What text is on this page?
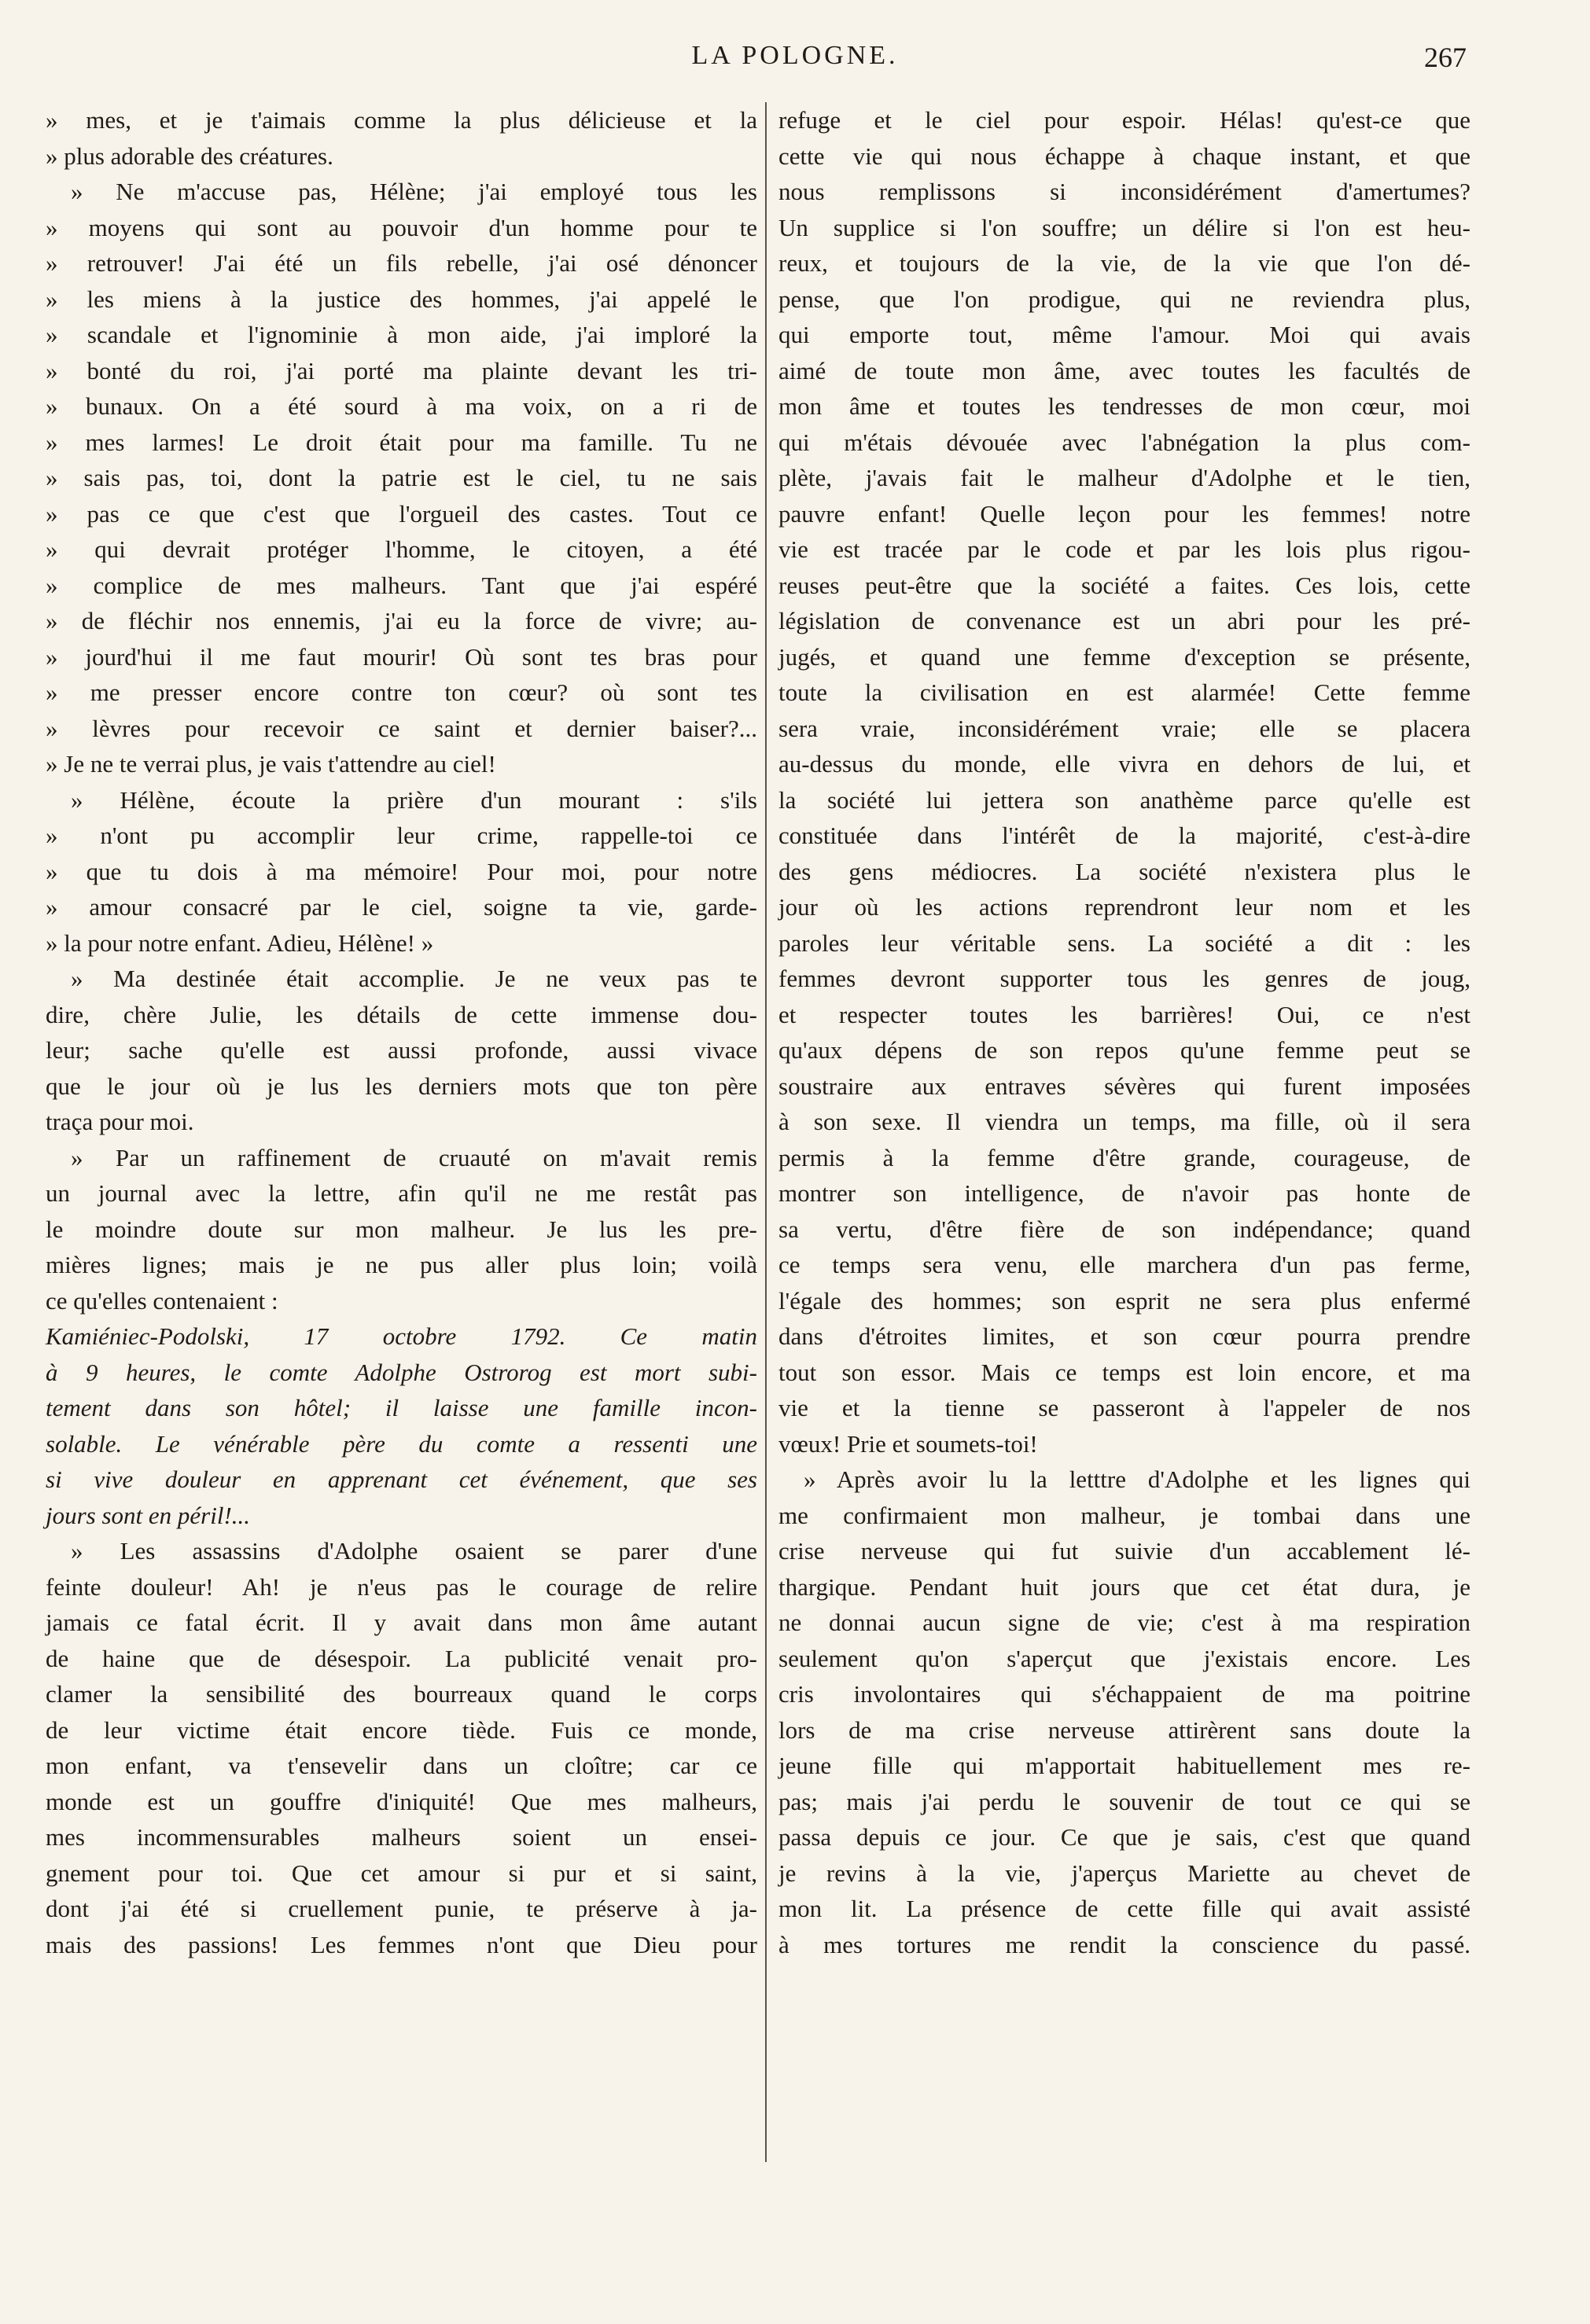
LA POLOGNE.	267
» mes, et je t'aimais comme la plus délicieuse et la
» plus adorable des créatures.
» Ne m'accuse pas, Hélène; j'ai employé tous les
» moyens qui sont au pouvoir d'un homme pour te
» retrouver! J'ai été un fils rebelle, j'ai osé dénoncer
» les miens à la justice des hommes, j'ai appelé le
» scandale et l'ignominie à mon aide, j'ai imploré la
» bonté du roi, j'ai porté ma plainte devant les tri-
» bunaux. On a été sourd à ma voix, on a ri de
» mes larmes! Le droit était pour ma famille. Tu ne
» sais pas, toi, dont la patrie est le ciel, tu ne sais
» pas ce que c'est que l'orgueil des castes. Tout ce
» qui devrait protéger l'homme, le citoyen, a été
» complice de mes malheurs. Tant que j'ai espéré
» de fléchir nos ennemis, j'ai eu la force de vivre; au-
» jourd'hui il me faut mourir! Où sont tes bras pour
» me presser encore contre ton cœur? où sont tes
» lèvres pour recevoir ce saint et dernier baiser?...
» Je ne te verrai plus, je vais t'attendre au ciel!
» Hélène, écoute la prière d'un mourant : s'ils
» n'ont pu accomplir leur crime, rappelle-toi ce
» que tu dois à ma mémoire! Pour moi, pour notre
» amour consacré par le ciel, soigne ta vie, garde-
» la pour notre enfant. Adieu, Hélène! »
» Ma destinée était accomplie. Je ne veux pas te
dire, chère Julie, les détails de cette immense dou-
leur; sache qu'elle est aussi profonde, aussi vivace
que le jour où je lus les derniers mots que ton père
traça pour moi.
» Par un raffinement de cruauté on m'avait remis
un journal avec la lettre, afin qu'il ne me restât pas
le moindre doute sur mon malheur. Je lus les pre-
mières lignes; mais je ne pus aller plus loin; voilà
ce qu'elles contenaient :
Kamiéniec-Podolski, 17 octobre 1792. Ce matin
à 9 heures, le comte Adolphe Ostrorog est mort subi-
tement dans son hôtel; il laisse une famille incon-
solable. Le vénérable père du comte a ressenti une
si vive douleur en apprenant cet événement, que ses
jours sont en péril!...
» Les assassins d'Adolphe osaient se parer d'une
feinte douleur! Ah! je n'eus pas le courage de relire
jamais ce fatal écrit. Il y avait dans mon âme autant
de haine que de désespoir. La publicité venait pro-
clamer la sensibilité des bourreaux quand le corps
de leur victime était encore tiède. Fuis ce monde,
mon enfant, va t'ensevelir dans un cloître; car ce
monde est un gouffre d'iniquité! Que mes malheurs,
mes incommensurables malheurs soient un ensei-
gnement pour toi. Que cet amour si pur et si saint,
dont j'ai été si cruellement punie, te préserve à ja-
mais des passions! Les femmes n'ont que Dieu pour
refuge et le ciel pour espoir. Hélas! qu'est-ce que
cette vie qui nous échappe à chaque instant, et que
nous remplissons si inconsidérément d'amertumes?
Un supplice si l'on souffre; un délire si l'on est heu-
reux, et toujours de la vie, de la vie que l'on dé-
pense, que l'on prodigue, qui ne reviendra plus,
qui emporte tout, même l'amour. Moi qui avais
aimé de toute mon âme, avec toutes les facultés de
mon âme et toutes les tendresses de mon cœur, moi
qui m'étais dévouée avec l'abnégation la plus com-
plète, j'avais fait le malheur d'Adolphe et le tien,
pauvre enfant! Quelle leçon pour les femmes! notre
vie est tracée par le code et par les lois plus rigou-
reuses peut-être que la société a faites. Ces lois, cette
législation de convenance est un abri pour les pré-
jugés, et quand une femme d'exception se présente,
toute la civilisation en est alarmée! Cette femme
sera vraie, inconsidérément vraie; elle se placera
au-dessus du monde, elle vivra en dehors de lui, et
la société lui jettera son anathème parce qu'elle est
constituée dans l'intérêt de la majorité, c'est-à-dire
des gens médiocres. La société n'existera plus le
jour où les actions reprendront leur nom et les
paroles leur véritable sens. La société a dit : les
femmes devront supporter tous les genres de joug,
et respecter toutes les barrières! Oui, ce n'est
qu'aux dépens de son repos qu'une femme peut se
soustraire aux entraves sévères qui furent imposées
à son sexe. Il viendra un temps, ma fille, où il sera
permis à la femme d'être grande, courageuse, de
montrer son intelligence, de n'avoir pas honte de
sa vertu, d'être fière de son indépendance; quand
ce temps sera venu, elle marchera d'un pas ferme,
l'égale des hommes; son esprit ne sera plus enfermé
dans d'étroites limites, et son cœur pourra prendre
tout son essor. Mais ce temps est loin encore, et ma
vie et la tienne se passeront à l'appeler de nos
vœux! Prie et soumets-toi!
» Après avoir lu la letttre d'Adolphe et les lignes qui
me confirmaient mon malheur, je tombai dans une
crise nerveuse qui fut suivie d'un accablement lé-
thargique. Pendant huit jours que cet état dura, je
ne donnai aucun signe de vie; c'est à ma respiration
seulement qu'on s'aperçut que j'existais encore. Les
cris involontaires qui s'échappaient de ma poitrine
lors de ma crise nerveuse attirèrent sans doute la
jeune fille qui m'apportait habituellement mes re-
pas; mais j'ai perdu le souvenir de tout ce qui se
passa depuis ce jour. Ce que je sais, c'est que quand
je revins à la vie, j'aperçus Mariette au chevet de
mon lit. La présence de cette fille qui avait assisté
à mes tortures me rendit la conscience du passé.
